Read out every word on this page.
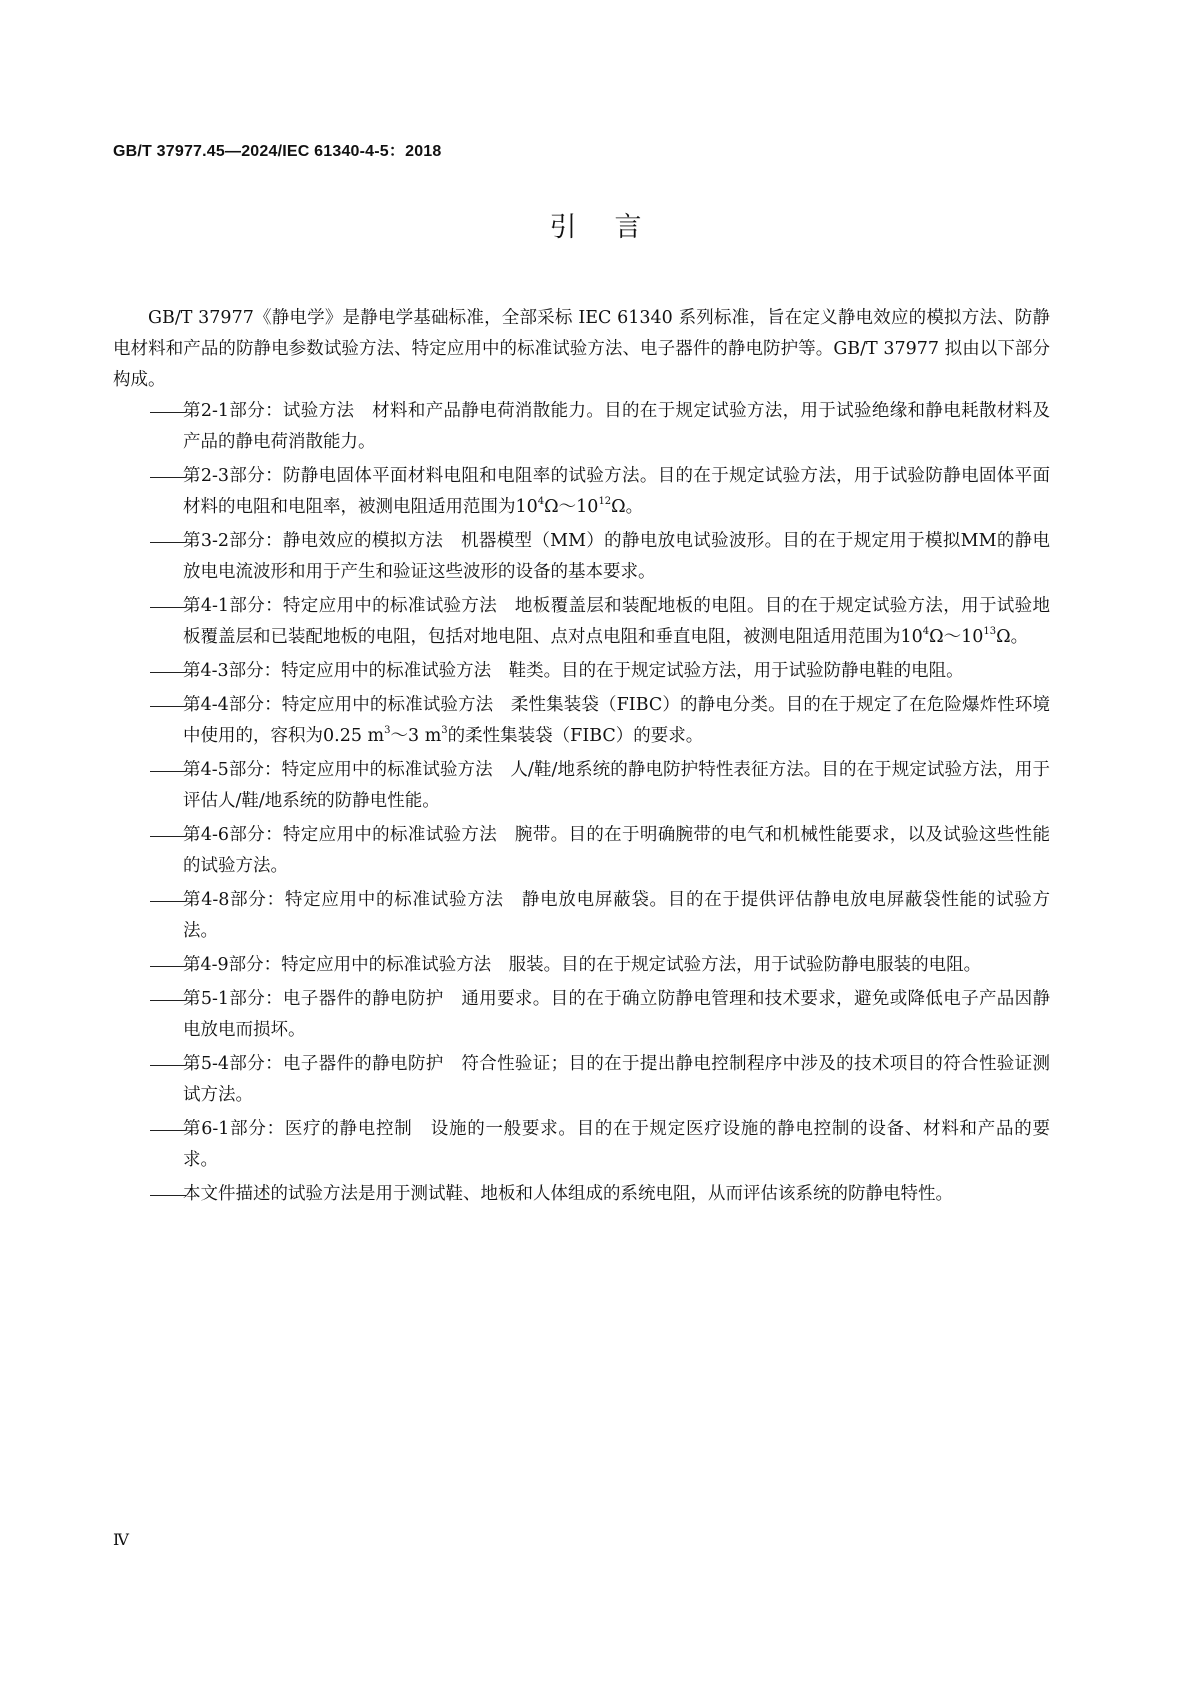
GB/T 37977.45—2024/IEC 61340-4-5：2018
引言

GB/T 37977《静电学》是静电学基础标准，全部采标 IEC 61340 系列标准，旨在定义静电效应的模拟方法、防静电材料和产品的防静电参数试验方法、特定应用中的标准试验方法、电子器件的静电防护等。GB/T 37977 拟由以下部分构成。

第2-1部分：试验方法　材料和产品静电荷消散能力。目的在于规定试验方法，用于试验绝缘和静电耗散材料及产品的静电荷消散能力。
第2-3部分：防静电固体平面材料电阻和电阻率的试验方法。目的在于规定试验方法，用于试验防静电固体平面材料的电阻和电阻率，被测电阻适用范围为$10^4\Omega\sim 10^{12}\Omega$。
第3-2部分：静电效应的模拟方法　机器模型（MM）的静电放电试验波形。目的在于规定用于模拟MM的静电放电电流波形和用于产生和验证这些波形的设备的基本要求。
第4-1部分：特定应用中的标准试验方法　地板覆盖层和装配地板的电阻。目的在于规定试验方法，用于试验地板覆盖层和已装配地板的电阻，包括对地电阻、点对点电阻和垂直电阻，被测电阻适用范围为$10^4\Omega\sim 10^{13}\Omega$。
第4-3部分：特定应用中的标准试验方法　鞋类。目的在于规定试验方法，用于试验防静电鞋的电阻。
第4-4部分：特定应用中的标准试验方法　柔性集装袋（FIBC）的静电分类。目的在于规定了在危险爆炸性环境中使用的，容积为0.25 $m^3\sim 3$ $m^3$的柔性集装袋（FIBC）的要求。
第4-5部分：特定应用中的标准试验方法　人/鞋/地系统的静电防护特性表征方法。目的在于规定试验方法，用于评估人/鞋/地系统的防静电性能。
第4-6部分：特定应用中的标准试验方法　腕带。目的在于明确腕带的电气和机械性能要求，以及试验这些性能的试验方法。
第4-8部分：特定应用中的标准试验方法　静电放电屏蔽袋。目的在于提供评估静电放电屏蔽袋性能的试验方法。
第4-9部分：特定应用中的标准试验方法　服装。目的在于规定试验方法，用于试验防静电服装的电阻。
第5-1部分：电子器件的静电防护　通用要求。目的在于确立防静电管理和技术要求，避免或降低电子产品因静电放电而损坏。
第5-4部分：电子器件的静电防护　符合性验证；目的在于提出静电控制程序中涉及的技术项目的符合性验证测试方法。
第6-1部分：医疗的静电控制　设施的一般要求。目的在于规定医疗设施的静电控制的设备、材料和产品的要求。
本文件描述的试验方法是用于测试鞋、地板和人体组成的系统电阻，从而评估该系统的防静电特性。
Ⅳ
